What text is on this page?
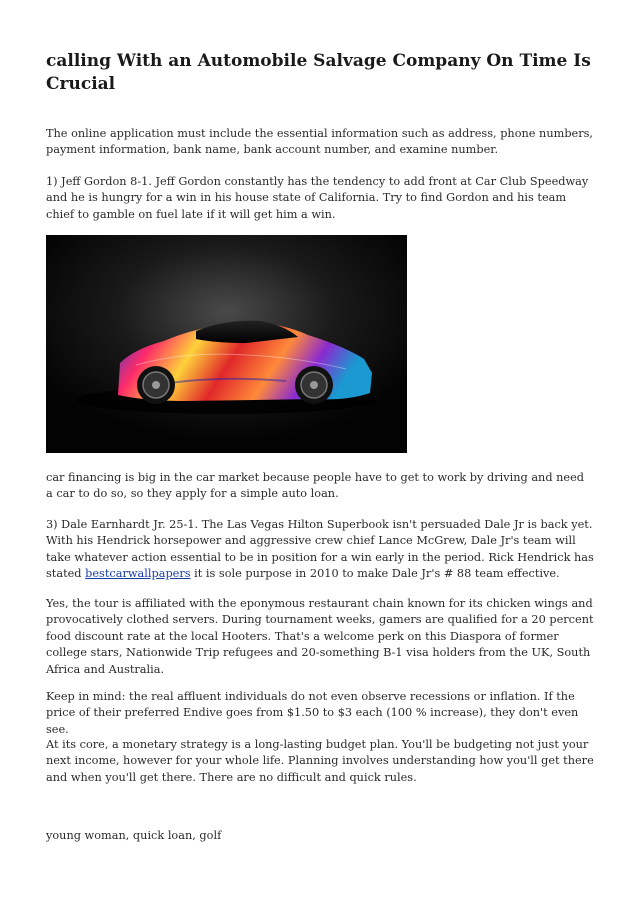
calling With an Automobile Salvage Company On Time Is Crucial

The online application must include the essential information such as address, phone numbers, payment information, bank name, bank account number, and examine number.

1) Jeff Gordon 8-1. Jeff Gordon constantly has the tendency to add front at Car Club Speedway and he is hungry for a win in his house state of California. Try to find Gordon and his team chief to gamble on fuel late if it will get him a win.

car financing is big in the car market because people have to get to work by driving and need a car to do so, so they apply for a simple auto loan.

3) Dale Earnhardt Jr. 25-1. The Las Vegas Hilton Superbook isn't persuaded Dale Jr is back yet. With his Hendrick horsepower and aggressive crew chief Lance McGrew, Dale Jr's team will take whatever action essential to be in position for a win early in the period. Rick Hendrick has stated bestcarwallpapers it is sole purpose in 2010 to make Dale Jr's # 88 team effective.

Yes, the tour is affiliated with the eponymous restaurant chain known for its chicken wings and provocatively clothed servers. During tournament weeks, gamers are qualified for a 20 percent food discount rate at the local Hooters. That's a welcome perk on this Diaspora of former college stars, Nationwide Trip refugees and 20-something B-1 visa holders from the UK, South Africa and Australia.

Keep in mind: the real affluent individuals do not even observe recessions or inflation. If the price of their preferred Endive goes from $1.50 to $3 each (100 % increase), they don't even see.

At its core, a monetary strategy is a long-lasting budget plan. You'll be budgeting not just your next income, however for your whole life. Planning involves understanding how you'll get there and when you'll get there. There are no difficult and quick rules.

young woman, quick loan, golf
